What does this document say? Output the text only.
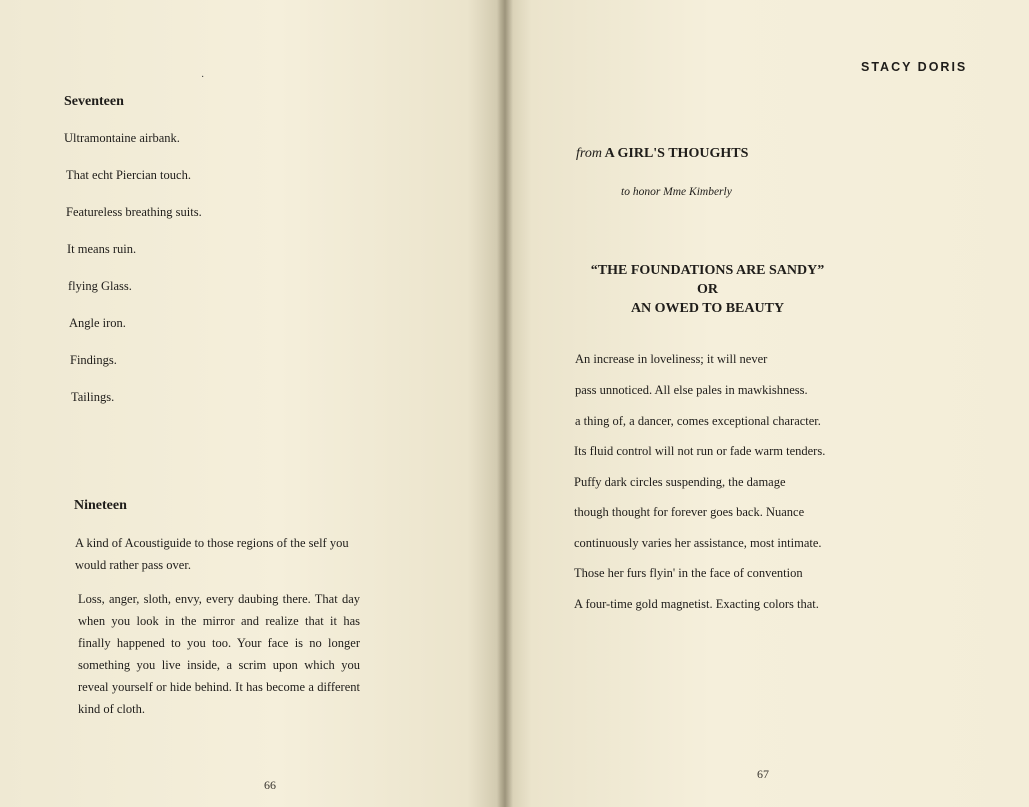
·
Seventeen
Ultramontaine airbank.
That echt Piercian touch.
Featureless breathing suits.
It means ruin.
flying Glass.
Angle iron.
Findings.
Tailings.
Nineteen
A kind of Acoustiguide to those regions of the self you would rather pass over.
Loss, anger, sloth, envy, every daubing there. That day when you look in the mirror and realize that it has finally happened to you too. Your face is no longer something you live inside, a scrim upon which you reveal yourself or hide behind. It has become a different kind of cloth.
66
STACY DORIS
from A GIRL'S THOUGHTS
to honor Mme Kimberly
“THE FOUNDATIONS ARE SANDY”
OR
AN OWED TO BEAUTY
An increase in loveliness; it will never
pass unnoticed. All else pales in mawkishness.
a thing of, a dancer, comes exceptional character.
Its fluid control will not run or fade warm tenders.
Puffy dark circles suspending, the damage
though thought for forever goes back. Nuance
continuously varies her assistance, most intimate.
Those her furs flyin' in the face of convention
A four-time gold magnetist. Exacting colors that.
67
